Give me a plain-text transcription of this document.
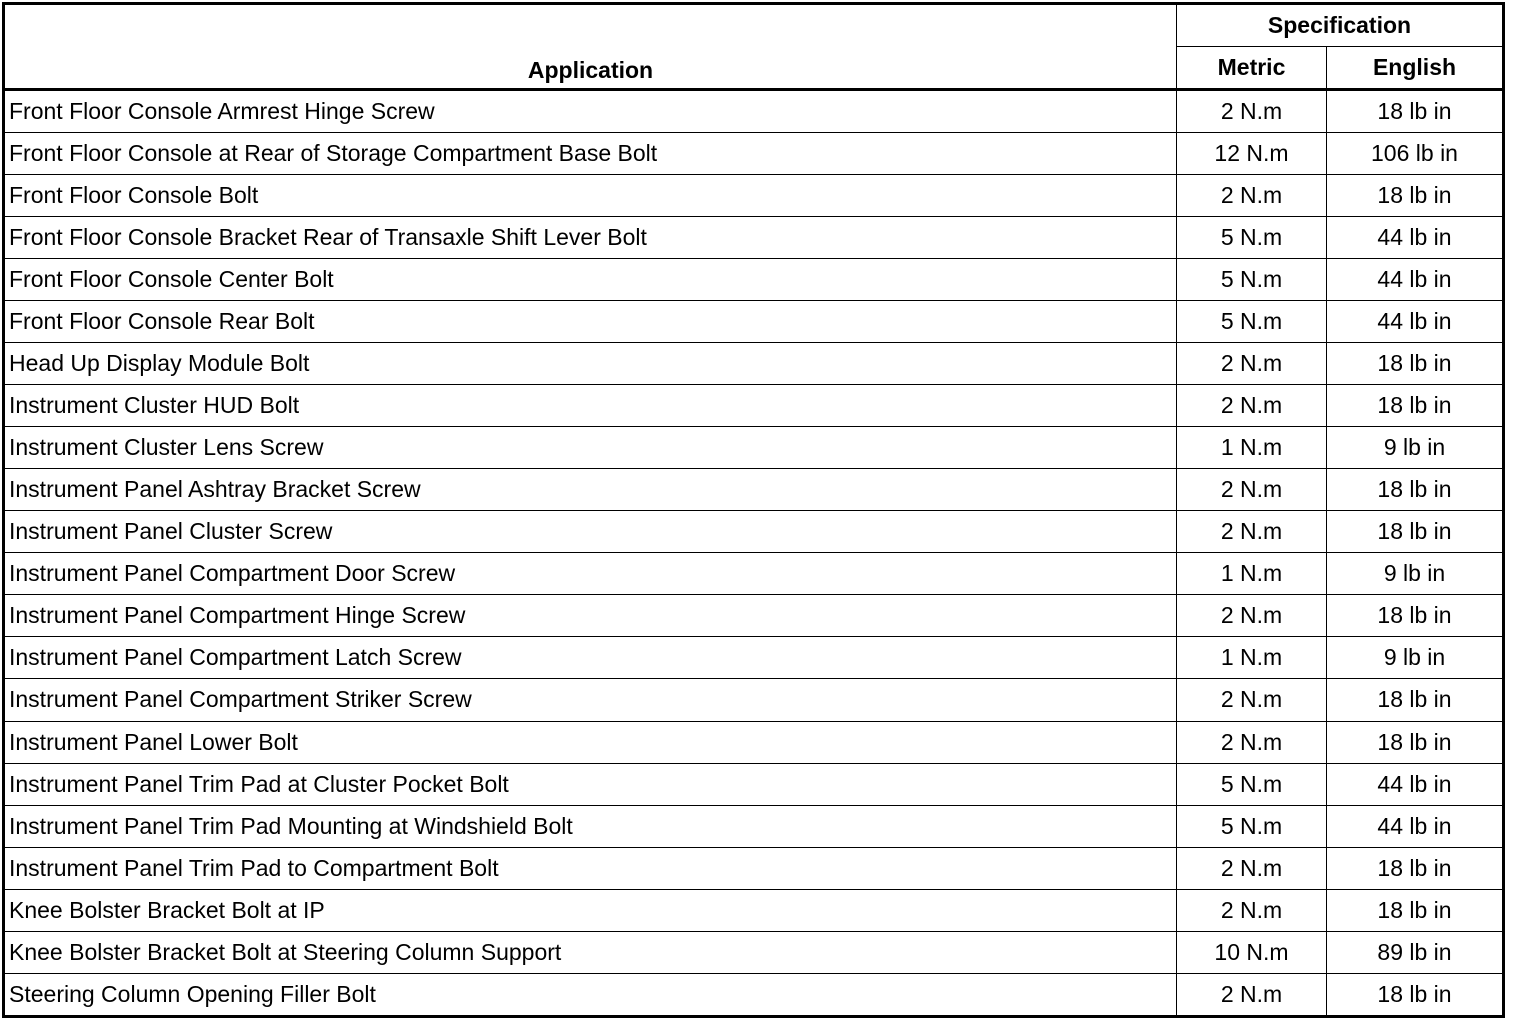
Application	Specification	
	Metric	English
Front Floor Console Armrest Hinge Screw	2 N.m	18 lb in
Front Floor Console at Rear of Storage Compartment Base Bolt	12 N.m	106 lb in
Front Floor Console Bolt	2 N.m	18 lb in
Front Floor Console Bracket Rear of Transaxle Shift Lever Bolt	5 N.m	44 lb in
Front Floor Console Center Bolt	5 N.m	44 lb in
Front Floor Console Rear Bolt	5 N.m	44 lb in
Head Up Display Module Bolt	2 N.m	18 lb in
Instrument Cluster HUD Bolt	2 N.m	18 lb in
Instrument Cluster Lens Screw	1 N.m	9 lb in
Instrument Panel Ashtray Bracket Screw	2 N.m	18 lb in
Instrument Panel Cluster Screw	2 N.m	18 lb in
Instrument Panel Compartment Door Screw	1 N.m	9 lb in
Instrument Panel Compartment Hinge Screw	2 N.m	18 lb in
Instrument Panel Compartment Latch Screw	1 N.m	9 lb in
Instrument Panel Compartment Striker Screw	2 N.m	18 lb in
Instrument Panel Lower Bolt	2 N.m	18 lb in
Instrument Panel Trim Pad at Cluster Pocket Bolt	5 N.m	44 lb in
Instrument Panel Trim Pad Mounting at Windshield Bolt	5 N.m	44 lb in
Instrument Panel Trim Pad to Compartment Bolt	2 N.m	18 lb in
Knee Bolster Bracket Bolt at IP	2 N.m	18 lb in
Knee Bolster Bracket Bolt at Steering Column Support	10 N.m	89 lb in
Steering Column Opening Filler Bolt	2 N.m	18 lb in
